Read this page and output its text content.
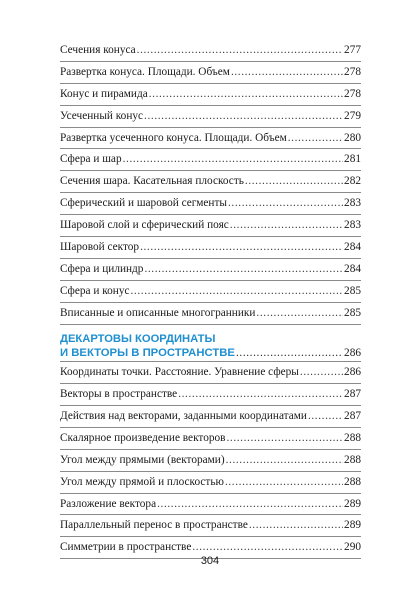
Сечения конуса .....	277
Развертка конуса. Площади. Объем .....	278
Конус и пирамида .....	278
Усеченный конус .....	279
Развертка усеченного конуса. Площади. Объем .....	280
Сфера и шар .....	281
Сечения шара. Касательная плоскость .....	282
Сферический и шаровой сегменты .....	283
Шаровой слой и сферический пояс .....	283
Шаровой сектор .....	284
Сфера и цилиндр .....	284
Сфера и конус .....	285
Вписанные и описанные многогранники .....	285
ДЕКАРТОВЫ КООРДИНАТЫ
И ВЕКТОРЫ В ПРОСТРАНСТВЕ .....	286
Координаты точки. Расстояние. Уравнение сферы .....	286
Векторы в пространстве .....	287
Действия над векторами, заданными координатами .....	287
Скалярное произведение векторов .....	288
Угол между прямыми (векторами) .....	288
Угол между прямой и плоскостью .....	288
Разложение вектора .....	289
Параллельный перенос в пространстве .....	289
Симметрии в пространстве .....	290
304
